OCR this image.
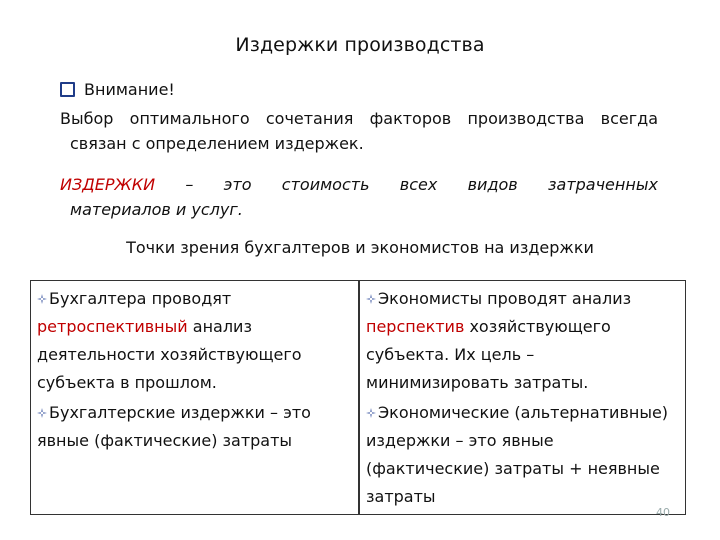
Издержки производства
Внимание!
Выбор оптимального сочетания факторов производства всегда
связан с определением издержек.
ИЗДЕРЖКИ – это стоимость всех видов затраченных
материалов и услуг.
Точки зрения бухгалтеров и экономистов на издержки
Бухгалтера проводят
ретроспективный анализ
деятельности хозяйствующего
субъекта в прошлом.
Экономисты проводят анализ
перспектив хозяйствующего
субъекта. Их цель –
минимизировать затраты.
Бухгалтерские издержки – это
явные (фактические) затраты
Экономические (альтернативные)
издержки – это явные
(фактические) затраты + неявные
затраты
40
